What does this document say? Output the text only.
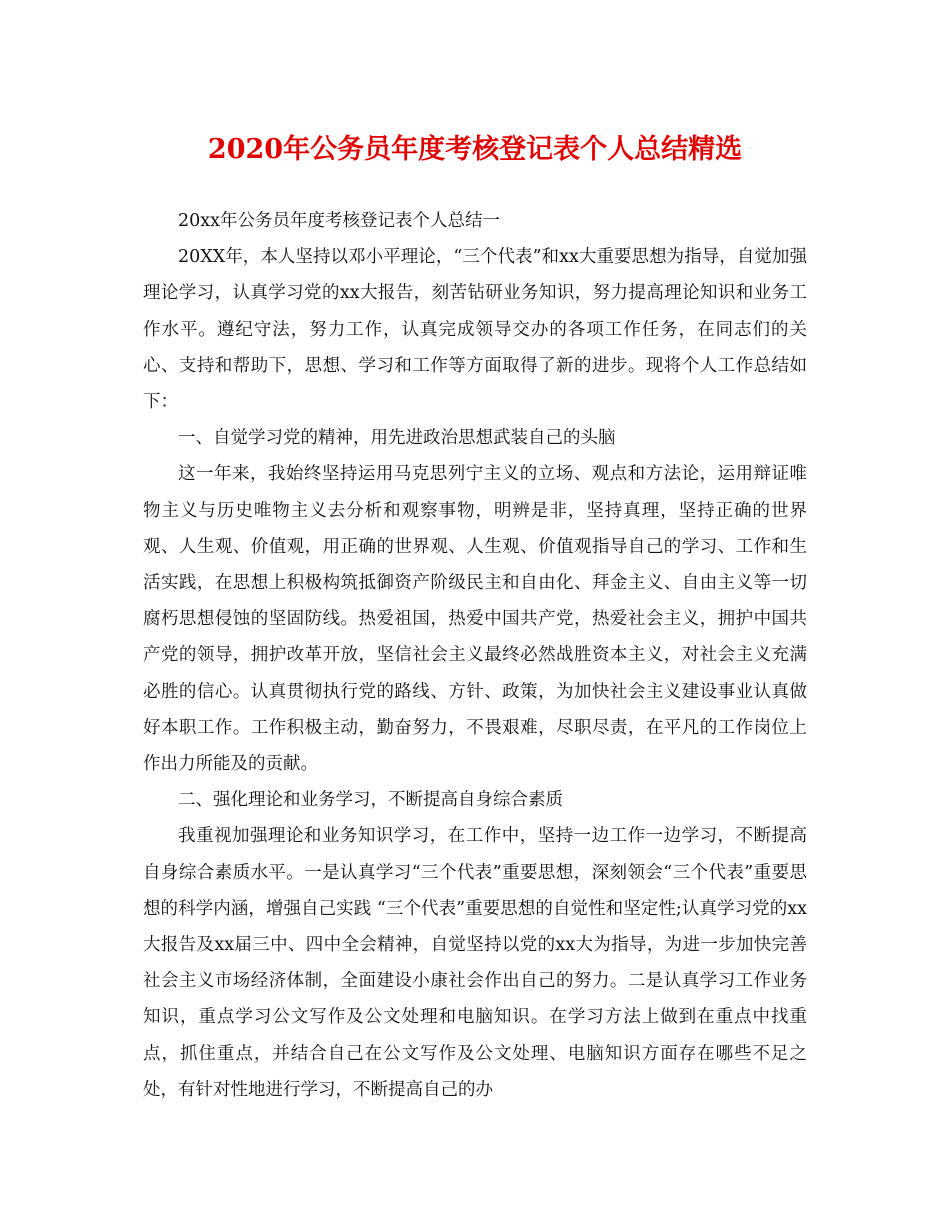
2020年公务员年度考核登记表个人总结精选

20xx年公务员年度考核登记表个人总结一

20XX年，本人坚持以邓小平理论，“三个代表”和xx大重要思想为指导，自觉加强理论学习，认真学习党的xx大报告，刻苦钻研业务知识，努力提高理论知识和业务工作水平。遵纪守法，努力工作，认真完成领导交办的各项工作任务，在同志们的关心、支持和帮助下，思想、学习和工作等方面取得了新的进步。现将个人工作总结如下：

一、自觉学习党的精神，用先进政治思想武装自己的头脑

这一年来，我始终坚持运用马克思列宁主义的立场、观点和方法论，运用辩证唯物主义与历史唯物主义去分析和观察事物，明辨是非，坚持真理，坚持正确的世界观、人生观、价值观，用正确的世界观、人生观、价值观指导自己的学习、工作和生活实践，在思想上积极构筑抵御资产阶级民主和自由化、拜金主义、自由主义等一切腐朽思想侵蚀的坚固防线。热爱祖国，热爱中国共产党，热爱社会主义，拥护中国共产党的领导，拥护改革开放，坚信社会主义最终必然战胜资本主义，对社会主义充满必胜的信心。认真贯彻执行党的路线、方针、政策，为加快社会主义建设事业认真做好本职工作。工作积极主动，勤奋努力，不畏艰难，尽职尽责，在平凡的工作岗位上作出力所能及的贡献。

二、强化理论和业务学习，不断提高自身综合素质

我重视加强理论和业务知识学习，在工作中，坚持一边工作一边学习，不断提高自身综合素质水平。一是认真学习“三个代表”重要思想，深刻领会“三个代表”重要思想的科学内涵，增强自己实践 “三个代表”重要思想的自觉性和坚定性;认真学习党的xx大报告及xx届三中、四中全会精神，自觉坚持以党的xx大为指导，为进一步加快完善社会主义市场经济体制，全面建设小康社会作出自己的努力。二是认真学习工作业务知识，重点学习公文写作及公文处理和电脑知识。在学习方法上做到在重点中找重点，抓住重点，并结合自己在公文写作及公文处理、电脑知识方面存在哪些不足之处，有针对性地进行学习，不断提高自己的办
